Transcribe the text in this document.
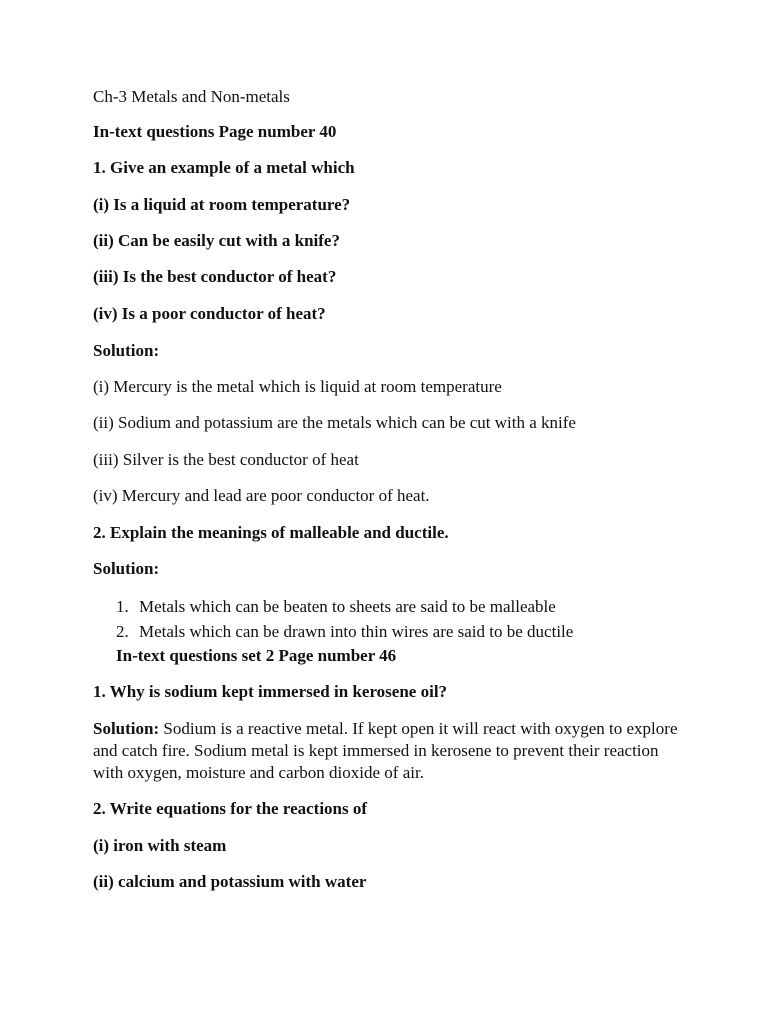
Ch-3 Metals and Non-metals

In-text questions Page number 40

1. Give an example of a metal which

(i) Is a liquid at room temperature?

(ii) Can be easily cut with a knife?

(iii) Is the best conductor of heat?

(iv) Is a poor conductor of heat?

Solution:

(i) Mercury is the metal which is liquid at room temperature

(ii) Sodium and potassium are the metals which can be cut with a knife

(iii) Silver is the best conductor of heat

(iv) Mercury and lead are poor conductor of heat.

2. Explain the meanings of malleable and ductile.

Solution:

1. Metals which can be beaten to sheets are said to be malleable
2. Metals which can be drawn into thin wires are said to be ductile

In-text questions set 2 Page number 46

1. Why is sodium kept immersed in kerosene oil?

Solution: Sodium is a reactive metal. If kept open it will react with oxygen to explore and catch fire. Sodium metal is kept immersed in kerosene to prevent their reaction with oxygen, moisture and carbon dioxide of air.

2. Write equations for the reactions of

(i) iron with steam

(ii) calcium and potassium with water
